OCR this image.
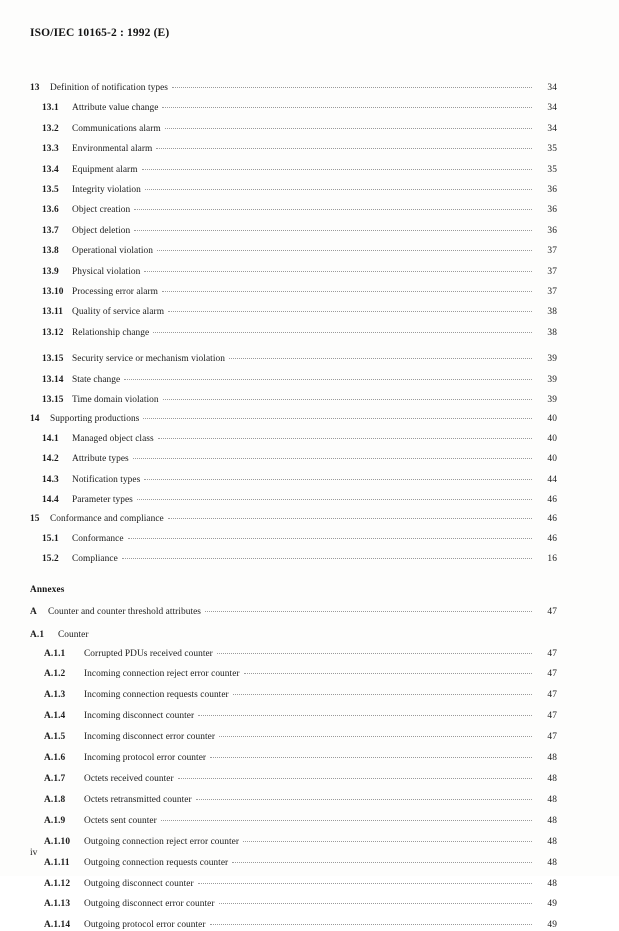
ISO/IEC 10165-2 : 1992 (E)
13	Definition of notification types	34
13.1	Attribute value change	34
13.2	Communications alarm	34
13.3	Environmental alarm	35
13.4	Equipment alarm	35
13.5	Integrity violation	36
13.6	Object creation	36
13.7	Object deletion	36
13.8	Operational violation	37
13.9	Physical violation	37
13.10 Processing error alarm	37
13.11 Quality of service alarm	38
13.12 Relationship change	38
13.15 Security service or mechanism violation	39
13.14 State change	39
13.15 Time domain violation	39
14	Supporting productions	40
14.1	Managed object class	40
14.2	Attribute types	40
14.3	Notification types	44
14.4	Parameter types	46
15	Conformance and compliance	46
15.1	Conformance	46
15.2	Compliance	16
Annexes
A	Counter and counter threshold attributes	47
A.1	Counter
A.1.1	Corrupted PDUs received counter	47
A.1.2	Incoming connection reject error counter	47
A.1.3	Incoming connection requests counter	47
A.1.4	Incoming disconnect counter	47
A.1.5	Incoming disconnect error counter	47
A.1.6	Incoming protocol error counter	48
A.1.7	Octets received counter	48
A.1.8	Octets retransmitted counter	48
A.1.9	Octets sent counter	48
A.1.10	Outgoing connection reject error counter	48
A.1.11	Outgoing connection requests counter	48
A.1.12	Outgoing disconnect counter	48
A.1.13	Outgoing disconnect error counter	49
A.1.14	Outgoing protocol error counter	49
iv
